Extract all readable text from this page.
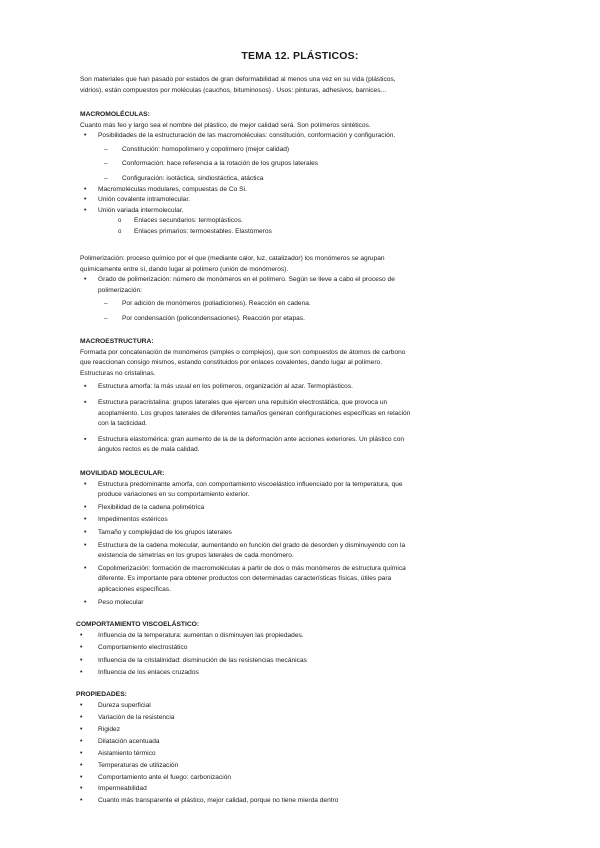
TEMA 12. PLÁSTICOS:
Son materiales que han pasado por estados de gran deformabilidad al menos una vez en su vida (plásticos,
vidrios), están compuestos por moléculas (cauchos, bituminosos) . Usos: pinturas, adhesivos, barnices…
MACROMOLÉCULAS:
Cuanto más feo y largo sea el nombre del plástico, de mejor calidad será. Son polímeros sintéticos.
• Posibilidades de la estructuración de las macromoléculas: constitución, conformación y configuración.
– Constitución: homopolímero y copolímero (mejor calidad)
– Conformación: hace referencia a la rotación de los grupos laterales
– Configuración: isotáctica, sindiostáctica, atáctica
• Macromoléculas modulares, compuestas de Co Si.
• Unión covalente intramolecular.
• Unión variada intermolecular.
o Enlaces secundarios: termoplásticos.
o Enlaces primarios: termoestables. Elastómeros
Polimerización: proceso químico por el que (mediante calor, luz, catalizador) los monómeros se agrupan
químicamente entre sí, dando lugar al polímero (unión de monómeros).
• Grado de polimerización: número de monómeros en el polímero. Según se lleve a cabo el proceso de
polimerización:
– Por adición de monómeros (poliadiciones). Reacción en cadena.
– Por condensación (policondensaciones). Reacción por etapas.
MACROESTRUCTURA:
Formada por concatenación de monómeros (simples o complejos), que son compuestos de átomos de carbono
que reaccionan consigo mismos, estando constituidos por enlaces covalentes, dando lugar al polímero.
Estructuras no cristalinas.
▪ Estructura amorfa: la más usual en los polímeros, organización al azar. Termoplásticos.
▪ Estructura paracristalina: grupos laterales que ejercen una repulsión electrostática, que provoca un
acoplamiento. Los grupos laterales de diferentes tamaños generan configuraciones específicas en relación
con la tacticidad.
▪ Estructura elastomérica: gran aumento de la de la deformación ante acciones exteriores. Un plástico con
ángulos rectos es de mala calidad.
MOVILIDAD MOLECULAR:
• Estructura predominante amorfa, con comportamiento viscoelástico influenciado por la temperatura, que
produce variaciones en su comportamiento exterior.
• Flexibilidad de la cadena polimétrica
• Impedimentos estéricos
• Tamaño y complejidad de los grupos laterales
• Estructura de la cadena molecular, aumentando en función del grado de desorden y disminuyendo con la
existencia de simetrías en los grupos laterales de cada monómero.
• Copolimerización: formación de macromoléculas a partir de dos o más monómeros de estructura química
diferente. Es importante para obtener productos con determinadas características físicas, útiles para
aplicaciones específicas.
• Peso molecular
COMPORTAMIENTO VISCOELÁSTICO:
• Influencia de la temperatura: aumentan o disminuyen las propiedades.
• Comportamiento electrostático
• Influencia de la cristalinidad: disminución de las resistencias mecánicas
• Influencia de los enlaces cruzados
PROPIEDADES:
• Dureza superficial
• Variación de la resistencia
• Rigidez
• Dilatación acentuada
• Aislamiento térmico
• Temperaturas de utilización
• Comportamiento ante el fuego: carbonización
• Impermeabilidad
• Cuanto más transparente el plástico, mejor calidad, porque no tiene mierda dentro
